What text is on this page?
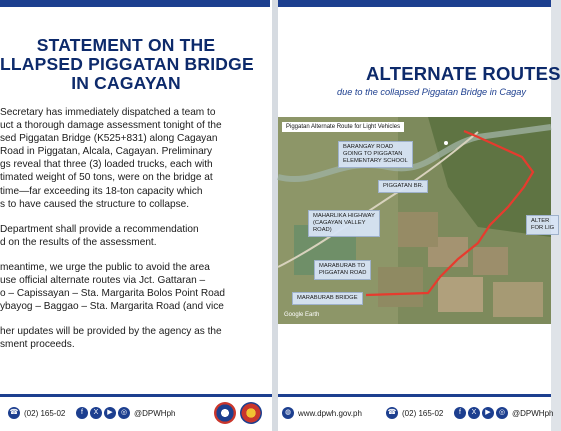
STATEMENT ON THE
LLAPSED PIGGATAN BRIDGE
IN CAGAYAN

Secretary has immediately dispatched a team to
uct a thorough damage assessment tonight of the
sed Piggatan Bridge (K525+831) along Cagayan
Road in Piggatan, Alcala, Cagayan. Preliminary
gs reveal that three (3) loaded trucks, each with
timated weight of 50 tons, were on the bridge at
time—far exceeding its 18-ton capacity which
s to have caused the structure to collapse.

Department shall provide a recommendation
d on the results of the assessment.

meantime, we urge the public to avoid the area
use official alternate routes via Jct. Gattaran –
o – Capissayan – Sta. Margarita Bolos Point Road
ybayog – Baggao – Sta. Margarita Road (and vice

her updates will be provided by the agency as the
sment proceeds.

☎ (02) 165-02	f	X	▶	◎ @DPWHph
ALTERNATE ROUTES
due to the collapsed Piggatan Bridge in Cagay
Piggatan Alternate Route for Light Vehicles
BARANGAY ROAD
GOING TO PIGGATAN
ELEMENTARY SCHOOL
PIGGATAN BR.
MAHARLIKA HIGHWAY
(CAGAYAN VALLEY
ROAD)
MARABURAB TO
PIGGATAN ROAD
MARABURAB BRIDGE
ALTER
FOR LIG
Google Earth
◍ www.dpwh.gov.ph	☎ (02) 165-02	f	X	▶	◎ @DPWHph
